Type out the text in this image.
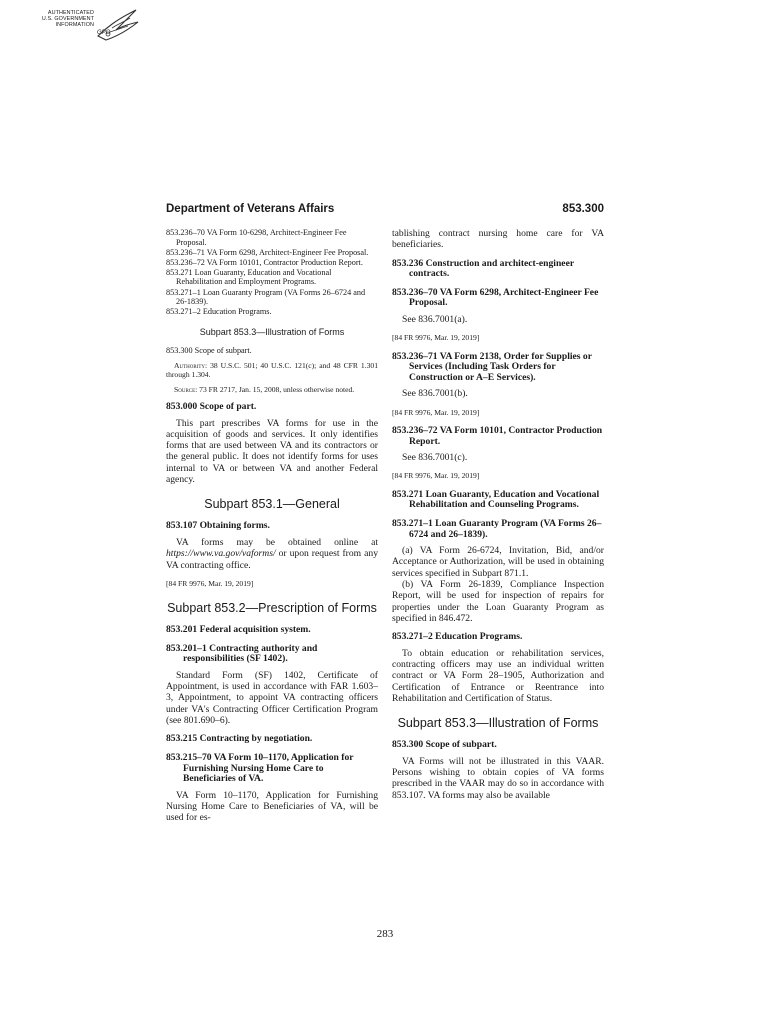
AUTHENTICATED
U.S. GOVERNMENT
INFORMATION
GPO
Department of Veterans Affairs	853.300
853.236–70 VA Form 10-6298, Architect-Engineer Fee Proposal.
853.236–71 VA Form 6298, Architect-Engineer Fee Proposal.
853.236–72 VA Form 10101, Contractor Production Report.
853.271 Loan Guaranty, Education and Vocational Rehabilitation and Employment Programs.
853.271–1 Loan Guaranty Program (VA Forms 26–6724 and 26-1839).
853.271–2 Education Programs.
Subpart 853.3—Illustration of Forms
853.300 Scope of subpart.

Authority: 38 U.S.C. 501; 40 U.S.C. 121(c); and 48 CFR 1.301 through 1.304.

Source: 73 FR 2717, Jan. 15, 2008, unless otherwise noted.

853.000 Scope of part.

This part prescribes VA forms for use in the acquisition of goods and services. It only identifies forms that are used between VA and its contractors or the general public. It does not identify forms for uses internal to VA or between VA and another Federal agency.

Subpart 853.1—General
853.107 Obtaining forms.

VA forms may be obtained online at https://www.va.gov/vaforms/ or upon request from any VA contracting office.

[84 FR 9976, Mar. 19, 2019]
Subpart 853.2—Prescription of Forms
853.201 Federal acquisition system.
853.201–1 Contracting authority and responsibilities (SF 1402).

Standard Form (SF) 1402, Certificate of Appointment, is used in accordance with FAR 1.603–3, Appointment, to appoint VA contracting officers under VA's Contracting Officer Certification Program (see 801.690–6).

853.215 Contracting by negotiation.
853.215–70 VA Form 10–1170, Application for Furnishing Nursing Home Care to Beneficiaries of VA.

VA Form 10–1170, Application for Furnishing Nursing Home Care to Beneficiaries of VA, will be used for es-

tablishing contract nursing home care for VA beneficiaries.

853.236 Construction and architect-engineer contracts.
853.236–70 VA Form 6298, Architect-Engineer Fee Proposal.

See 836.7001(a).

[84 FR 9976, Mar. 19, 2019]
853.236–71 VA Form 2138, Order for Supplies or Services (Including Task Orders for Construction or A–E Services).

See 836.7001(b).

[84 FR 9976, Mar. 19, 2019]
853.236–72 VA Form 10101, Contractor Production Report.

See 836.7001(c).

[84 FR 9976, Mar. 19, 2019]
853.271 Loan Guaranty, Education and Vocational Rehabilitation and Counseling Programs.
853.271–1 Loan Guaranty Program (VA Forms 26–6724 and 26–1839).

(a) VA Form 26-6724, Invitation, Bid, and/or Acceptance or Authorization, will be used in obtaining services specified in Subpart 871.1.

(b) VA Form 26-1839, Compliance Inspection Report, will be used for inspection of repairs for properties under the Loan Guaranty Program as specified in 846.472.

853.271–2 Education Programs.

To obtain education or rehabilitation services, contracting officers may use an individual written contract or VA Form 28–1905, Authorization and Certification of Entrance or Reentrance into Rehabilitation and Certification of Status.

Subpart 853.3—Illustration of Forms
853.300 Scope of subpart.

VA Forms will not be illustrated in this VAAR. Persons wishing to obtain copies of VA forms prescribed in the VAAR may do so in accordance with 853.107. VA forms may also be available

283
